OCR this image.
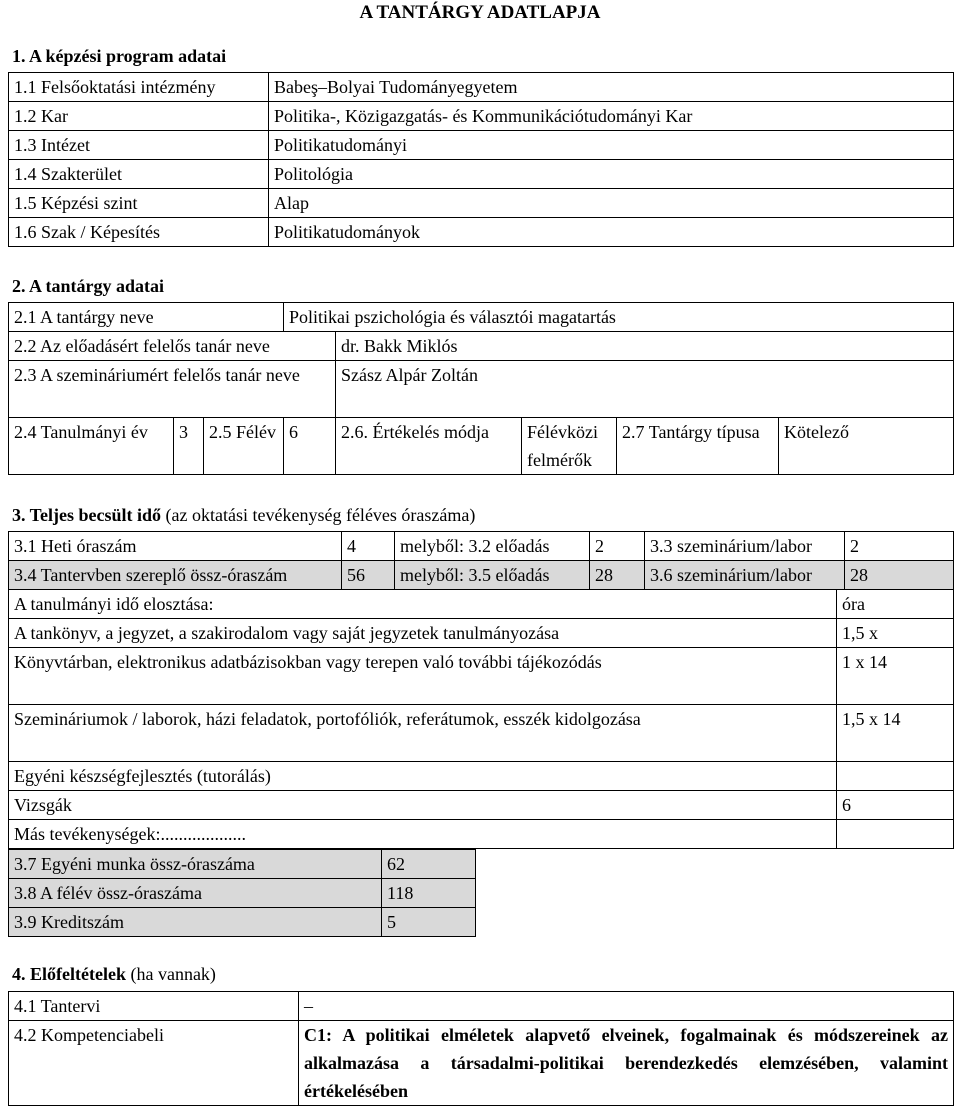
A TANTÁRGY ADATLAPJA
1. A képzési program adatai
1.1 Felsőoktatási intézmény	Babeş–Bolyai Tudományegyetem
1.2 Kar	Politika-, Közigazgatás- és Kommunikációtudományi Kar
1.3 Intézet	Politikatudományi
1.4 Szakterület	Politológia
1.5 Képzési szint	Alap
1.6 Szak / Képesítés	Politikatudományok
2. A tantárgy adatai
2.1 A tantárgy neve			Politikai pszichológia és választói magatartás				
2.2 Az előadásért felelős tanár neve				dr. Bakk Miklós			
2.3 A szemináriumért felelős tanár neve				Szász Alpár Zoltán			
2.4 Tanulmányi év	3	2.5 Félév	6	2.6. Értékelés módja	Félévközi felmérők	2.7 Tantárgy típusa	Kötelező
3. Teljes becsült idő (az oktatási tevékenység féléves óraszáma)
3.1 Heti óraszám	4	melyből: 3.2 előadás	2	3.3 szeminárium/labor	2
3.4 Tantervben szereplő össz-óraszám	56	melyből: 3.5 előadás	28	3.6 szeminárium/labor	28
A tanulmányi idő elosztása:	óra
A tankönyv, a jegyzet, a szakirodalom vagy saját jegyzetek tanulmányozása	1,5 x
Könyvtárban, elektronikus adatbázisokban vagy terepen való további tájékozódás	1 x 14
Szemináriumok / laborok, házi feladatok, portofóliók, referátumok, esszék kidolgozása	1,5 x 14
Egyéni készségfejlesztés (tutorálás)	
Vizsgák	6
Más tevékenységek:...................	
3.7 Egyéni munka össz-óraszáma	62
3.8 A félév össz-óraszáma	118
3.9 Kreditszám	5
4. Előfeltételek (ha vannak)
4.1 Tantervi	–
4.2 Kompetenciabeli	C1: A politikai elméletek alapvető elveinek, fogalmainak és módszereinek az alkalmazása a társadalmi-politikai berendezkedés elemzésében, valamint értékelésében
